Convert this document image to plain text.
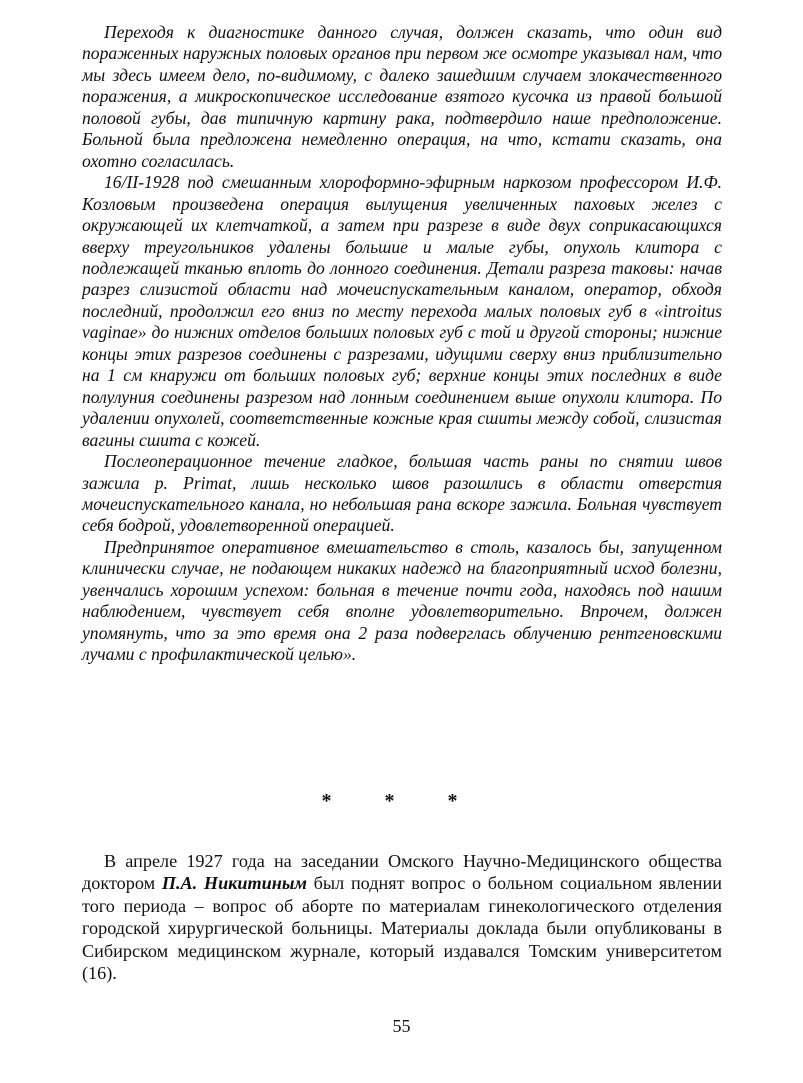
Переходя к диагностике данного случая, должен сказать, что один вид пораженных наружных половых органов при первом же осмотре указывал нам, что мы здесь имеем дело, по-видимому, с далеко зашедшим случаем злокачественного поражения, а микроскопическое исследование взятого кусочка из правой большой половой губы, дав типичную картину рака, подтвердило наше предположение. Больной была предложена немедленно операция, на что, кстати сказать, она охотно согласилась.

16/II-1928 под смешанным хлороформно-эфирным наркозом профессором И.Ф. Козловым произведена операция вылущения увеличенных паховых желез с окружающей их клетчаткой, а затем при разрезе в виде двух соприкасающихся вверху треугольников удалены большие и малые губы, опухоль клитора с подлежащей тканью вплоть до лонного соединения. Детали разреза таковы: начав разрез слизистой области над мочеиспускательным каналом, оператор, обходя последний, продолжил его вниз по месту перехода малых половых губ в «introitus vaginae» до нижних отделов больших половых губ с той и другой стороны; нижние концы этих разрезов соединены с разрезами, идущими сверху вниз приблизительно на 1 см кнаружи от больших половых губ; верхние концы этих последних в виде полулуния соединены разрезом над лонным соединением выше опухоли клитора. По удалении опухолей, соответственные кожные края сшиты между собой, слизистая вагины сшита с кожей.

Послеоперационное течение гладкое, большая часть раны по снятии швов зажила p. Primat, лишь несколько швов разошлись в области отверстия мочеиспускательного канала, но небольшая рана вскоре зажила. Больная чувствует себя бодрой, удовлетворенной операцией.

Предпринятое оперативное вмешательство в столь, казалось бы, запущенном клинически случае, не подающем никаких надежд на благоприятный исход болезни, увенчались хорошим успехом: больная в течение почти года, находясь под нашим наблюдением, чувствует себя вполне удовлетворительно. Впрочем, должен упомянуть, что за это время она 2 раза подверглась облучению рентгеновскими лучами с профилактической целью».

* * *

В апреле 1927 года на заседании Омского Научно-Медицинского общества доктором П.А. Никитиным был поднят вопрос о больном социальном явлении того периода – вопрос об аборте по материалам гинекологического отделения городской хирургической больницы. Материалы доклада были опубликованы в Сибирском медицинском журнале, который издавался Томским университетом (16).

55
